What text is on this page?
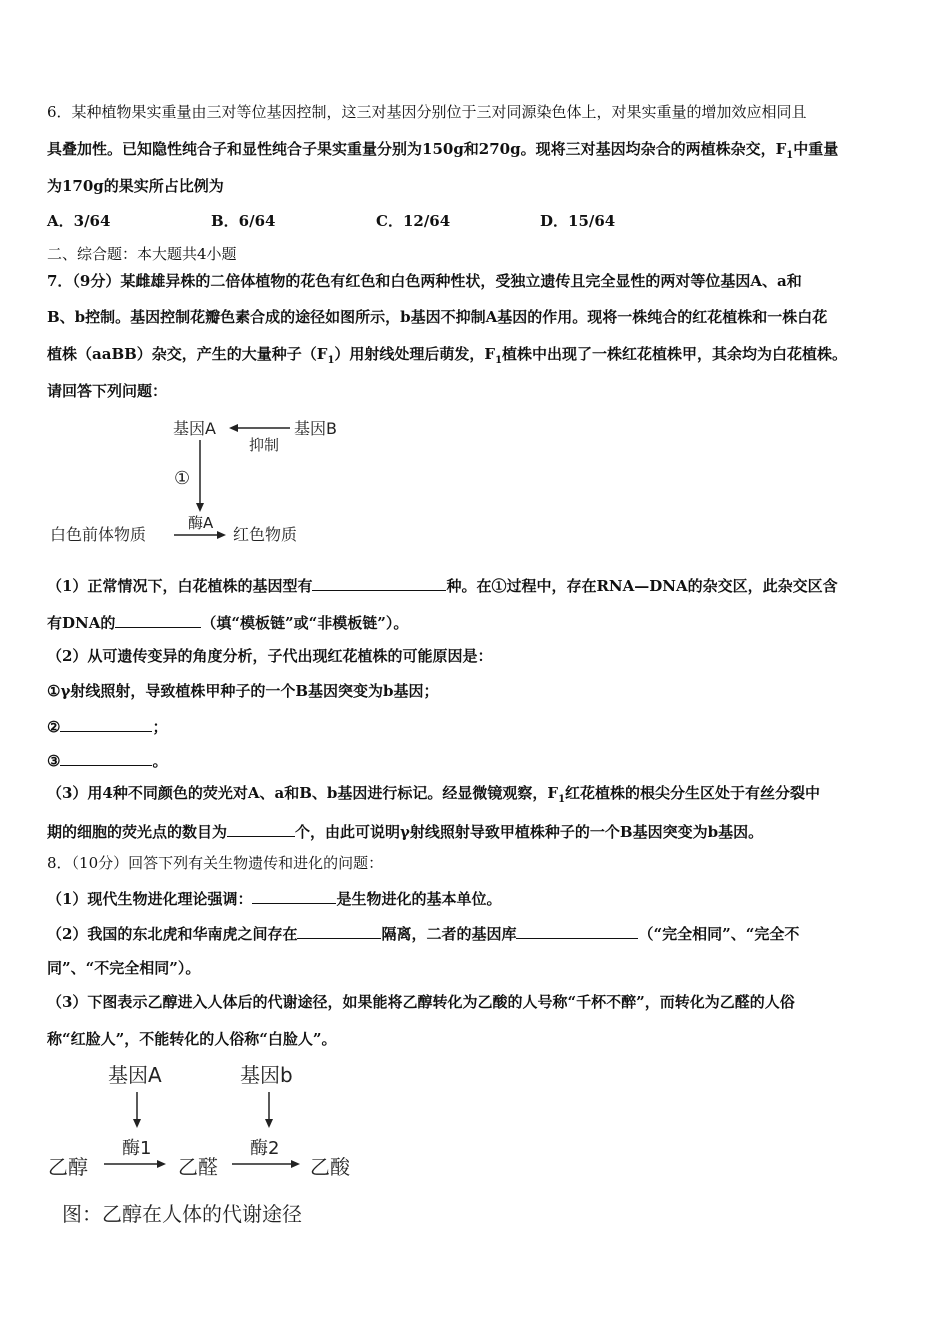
6．某种植物果实重量由三对等位基因控制，这三对基因分别位于三对同源染色体上，对果实重量的增加效应相同且
具叠加性。已知隐性纯合子和显性纯合子果实重量分别为150g和270g。现将三对基因均杂合的两植株杂交，$F_1$中重量
为170g的果实所占比例为
A．3/64	B．6/64	C．12/64	D．15/64
二、综合题：本大题共4小题
7．（9分）某雌雄异株的二倍体植物的花色有红色和白色两种性状，受独立遗传且完全显性的两对等位基因A、a和
B、b控制。基因控制花瓣色素合成的途径如图所示，b基因不抑制A基因的作用。现将一株纯合的红花植株和一株白花
植株（aaBB）杂交，产生的大量种子$(F_1)$用射线处理后萌发，$F_1$植株中出现了一株红花植株甲，其余均为白花植株。
请回答下列问题：
基因A	基因B
抑制
①
酶A
白色前体物质	红色物质
（1）正常情况下，白花植株的基因型有	种。在①过程中，存在RNA—DNA的杂交区，此杂交区含
有DNA的	（填“模板链”或“非模板链”）。
（2）从可遗传变异的角度分析，子代出现红花植株的可能原因是：
①γ射线照射，导致植株甲种子的一个B基因突变为b基因；
②	；
③	。
（3）用4种不同颜色的荧光对A、a和B、b基因进行标记。经显微镜观察，$F_1$红花植株的根尖分生区处于有丝分裂中
期的细胞的荧光点的数目为	个，由此可说明γ射线照射导致甲植株种子的一个B基因突变为b基因。
8．（10分）回答下列有关生物遗传和进化的问题：
（1）现代生物进化理论强调：	是生物进化的基本单位。
（2）我国的东北虎和华南虎之间存在	隔离，二者的基因库	（“完全相同”、“完全不
同”、“不完全相同”）。
（3）下图表示乙醇进入人体后的代谢途径，如果能将乙醇转化为乙酸的人号称“千杯不醉”，而转化为乙醛的人俗
称“红脸人”，不能转化的人俗称“白脸人”。
基因A	基因b
酶1	酶2
乙醇	乙醛	乙酸
图：乙醇在人体的代谢途径
